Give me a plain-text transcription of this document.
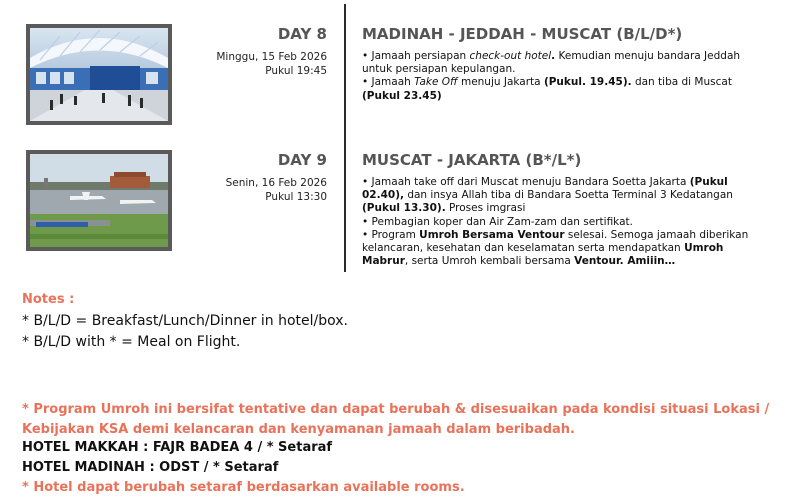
DAY 8
Minggu, 15 Feb 2026
Pukul 19:45
MADINAH - JEDDAH - MUSCAT (B/L/D*)

• Jamaah persiapan check-out hotel. Kemudian menuju bandara Jeddah untuk persiapan kepulangan.

• Jamaah Take Off menuju Jakarta (Pukul. 19.45). dan tiba di Muscat (Pukul 23.45)

DAY 9
Senin, 16 Feb 2026
Pukul 13:30
MUSCAT - JAKARTA (B*/L*)

• Jamaah take off dari Muscat menuju Bandara Soetta Jakarta (Pukul 02.40), dan insya Allah tiba di Bandara Soetta Terminal 3 Kedatangan (Pukul 13.30). Proses imgrasi

• Pembagian koper dan Air Zam-zam dan sertifikat.

• Program Umroh Bersama Ventour selesai. Semoga jamaah diberikan kelancaran, kesehatan dan keselamatan serta mendapatkan Umroh Mabrur, serta Umroh kembali bersama Ventour. Amiiin…

Notes :
* B/L/D = Breakfast/Lunch/Dinner in hotel/box.
* B/L/D with * = Meal on Flight.
* Program Umroh ini bersifat tentative dan dapat berubah & disesuaikan pada kondisi situasi Lokasi / Kebijakan KSA demi kelancaran dan kenyamanan jamaah dalam beribadah.
HOTEL MAKKAH : FAJR BADEA 4 / * Setaraf
HOTEL MADINAH : ODST / * Setaraf
* Hotel dapat berubah setaraf berdasarkan available rooms.
